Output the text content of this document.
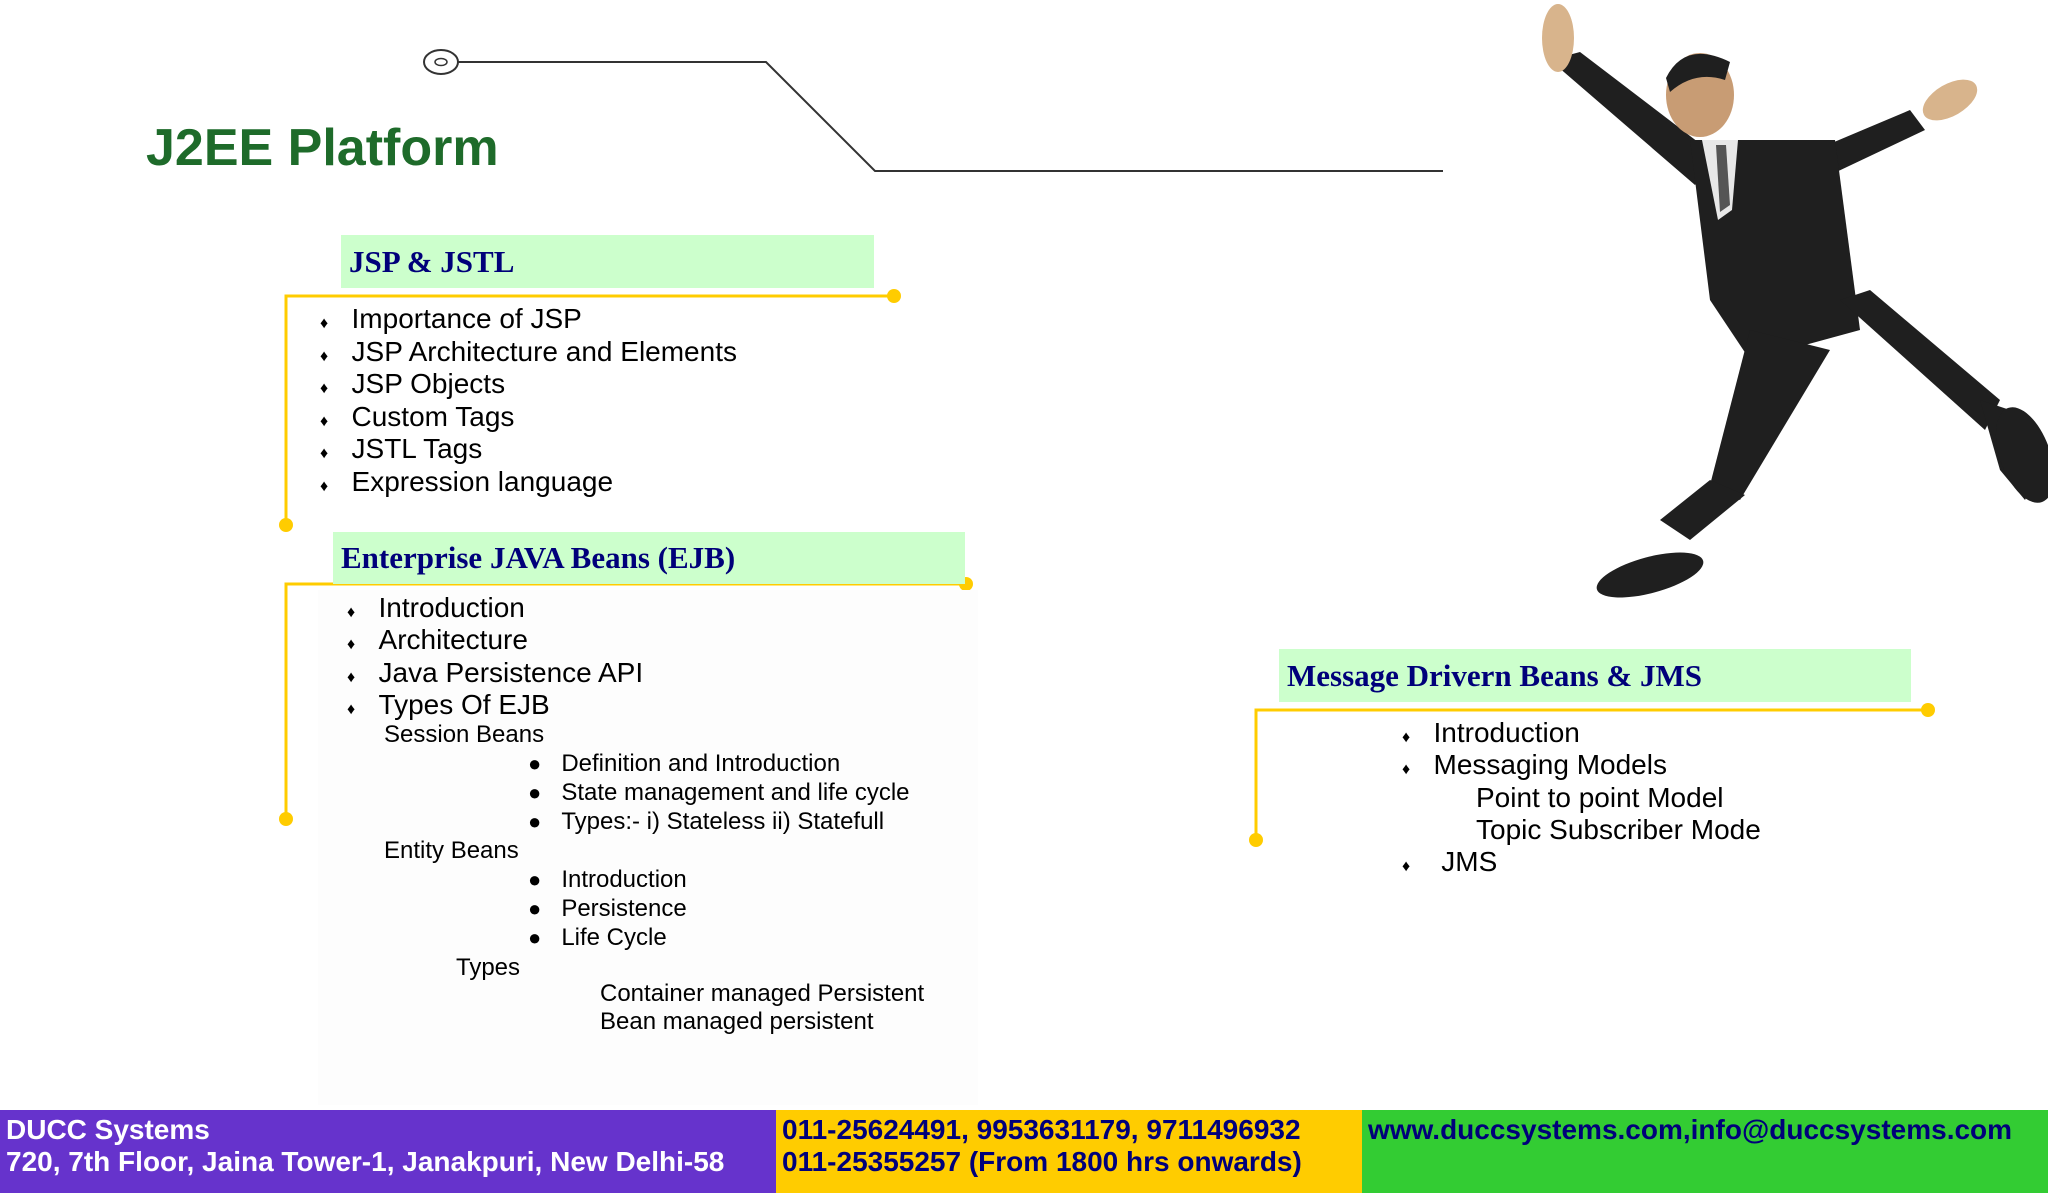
J2EE Platform
JSP & JSTL
♦ Importance of JSP
♦ JSP Architecture and Elements
♦ JSP Objects
♦ Custom Tags
♦ JSTL Tags
♦ Expression language
Enterprise JAVA Beans (EJB)
♦ Introduction
♦ Architecture
♦ Java Persistence API
♦ Types Of EJB
Session Beans
● Definition and Introduction
● State management and life cycle
● Types:- i) Stateless ii) Statefull
Entity Beans
● Introduction
● Persistence
● Life Cycle
Types
Container managed Persistent
Bean managed persistent
Message Drivern Beans & JMS
♦ Introduction
♦ Messaging Models
Point to point Model
Topic Subscriber Mode
♦ JMS
DUCC Systems
720, 7th Floor, Jaina Tower-1, Janakpuri, New Delhi-58
011-25624491, 9953631179, 9711496932
011-25355257 (From 1800 hrs onwards)
www.duccsystems.com,info@duccsystems.com
